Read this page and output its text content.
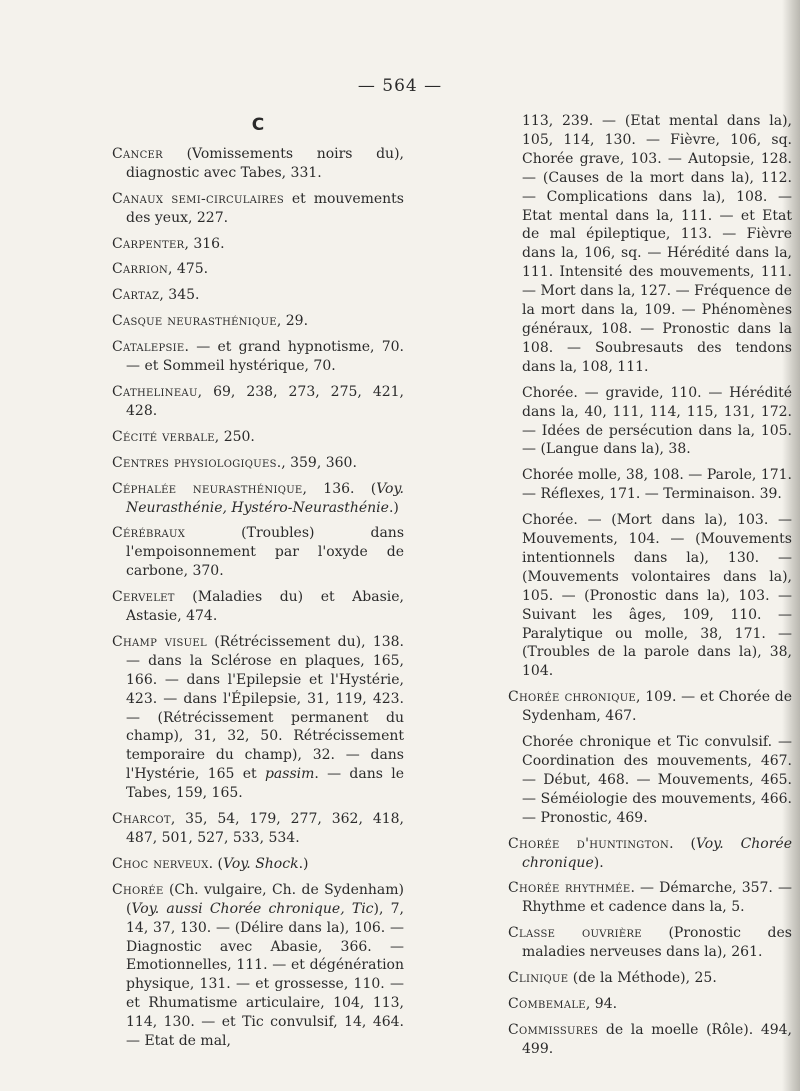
— 564 —
C
Cancer (Vomissements noirs du), diagnostic avec Tabes, 331.
Canaux semi-circulaires et mouvements des yeux, 227.
Carpenter, 316.
Carrion, 475.
Cartaz, 345.
Casque neurasthénique, 29.
Catalepsie. — et grand hypnotisme, 70. — et Sommeil hystérique, 70.
Cathelineau, 69, 238, 273, 275, 421, 428.
Cécité verbale, 250.
Centres physiologiques., 359, 360.
Céphalée neurasthénique, 136. (Voy. Neurasthénie, Hystéro-Neurasthénie.)
Cérébraux (Troubles) dans l'empoisonnement par l'oxyde de carbone, 370.
Cervelet (Maladies du) et Abasie, Astasie, 474.
Champ visuel (Rétrécissement du), 138. — dans la Sclérose en plaques, 165, 166. — dans l'Epilepsie et l'Hystérie, 423. — dans l'Épilepsie, 31, 119, 423. — (Rétrécissement permanent du champ), 31, 32, 50. Rétrécissement temporaire du champ), 32. — dans l'Hystérie, 165 et passim. — dans le Tabes, 159, 165.
Charcot, 35, 54, 179, 277, 362, 418, 487, 501, 527, 533, 534.
Choc nerveux. (Voy. Shock.)
Chorée (Ch. vulgaire, Ch. de Sydenham) (Voy. aussi Chorée chronique, Tic), 7, 14, 37, 130. — (Délire dans la), 106. — Diagnostic avec Abasie, 366. — Emotionnelles, 111. — et dégénération physique, 131. — et grossesse, 110. — et Rhumatisme articulaire, 104, 113, 114, 130. — et Tic convulsif, 14, 464. — Etat de mal,
113, 239. — (Etat mental dans la), 105, 114, 130. — Fièvre, 106, sq. Chorée grave, 103. — Autopsie, 128. — (Causes de la mort dans la), 112. — Complications dans la), 108. — Etat mental dans la, 111. — et Etat de mal épileptique, 113. — Fièvre dans la, 106, sq. — Hérédité dans la, 111. Intensité des mouvements, 111. — Mort dans la, 127. — Fréquence de la mort dans la, 109. — Phénomènes généraux, 108. — Pronostic dans la 108. — Soubresauts des tendons dans la, 108, 111.
Chorée. — gravide, 110. — Hérédité dans la, 40, 111, 114, 115, 131, 172. — Idées de persécution dans la, 105. — (Langue dans la), 38.
Chorée molle, 38, 108. — Parole, 171. — Réflexes, 171. — Terminaison. 39.
Chorée. — (Mort dans la), 103. — Mouvements, 104. — (Mouvements intentionnels dans la), 130. — (Mouvements volontaires dans la), 105. — (Pronostic dans la), 103. — Suivant les âges, 109, 110. — Paralytique ou molle, 38, 171. — (Troubles de la parole dans la), 38, 104.
Chorée chronique, 109. — et Chorée de Sydenham, 467.
Chorée chronique et Tic convulsif. — Coordination des mouvements, 467. — Début, 468. — Mouvements, 465. — Séméiologie des mouvements, 466. — Pronostic, 469.
Chorée d'huntington. (Voy. Chorée chronique).
Chorée rhythmée. — Démarche, 357. — Rhythme et cadence dans la, 5.
Classe ouvrière (Pronostic des maladies nerveuses dans la), 261.
Clinique (de la Méthode), 25.
Combemale, 94.
Commissures de la moelle (Rôle). 494, 499.
